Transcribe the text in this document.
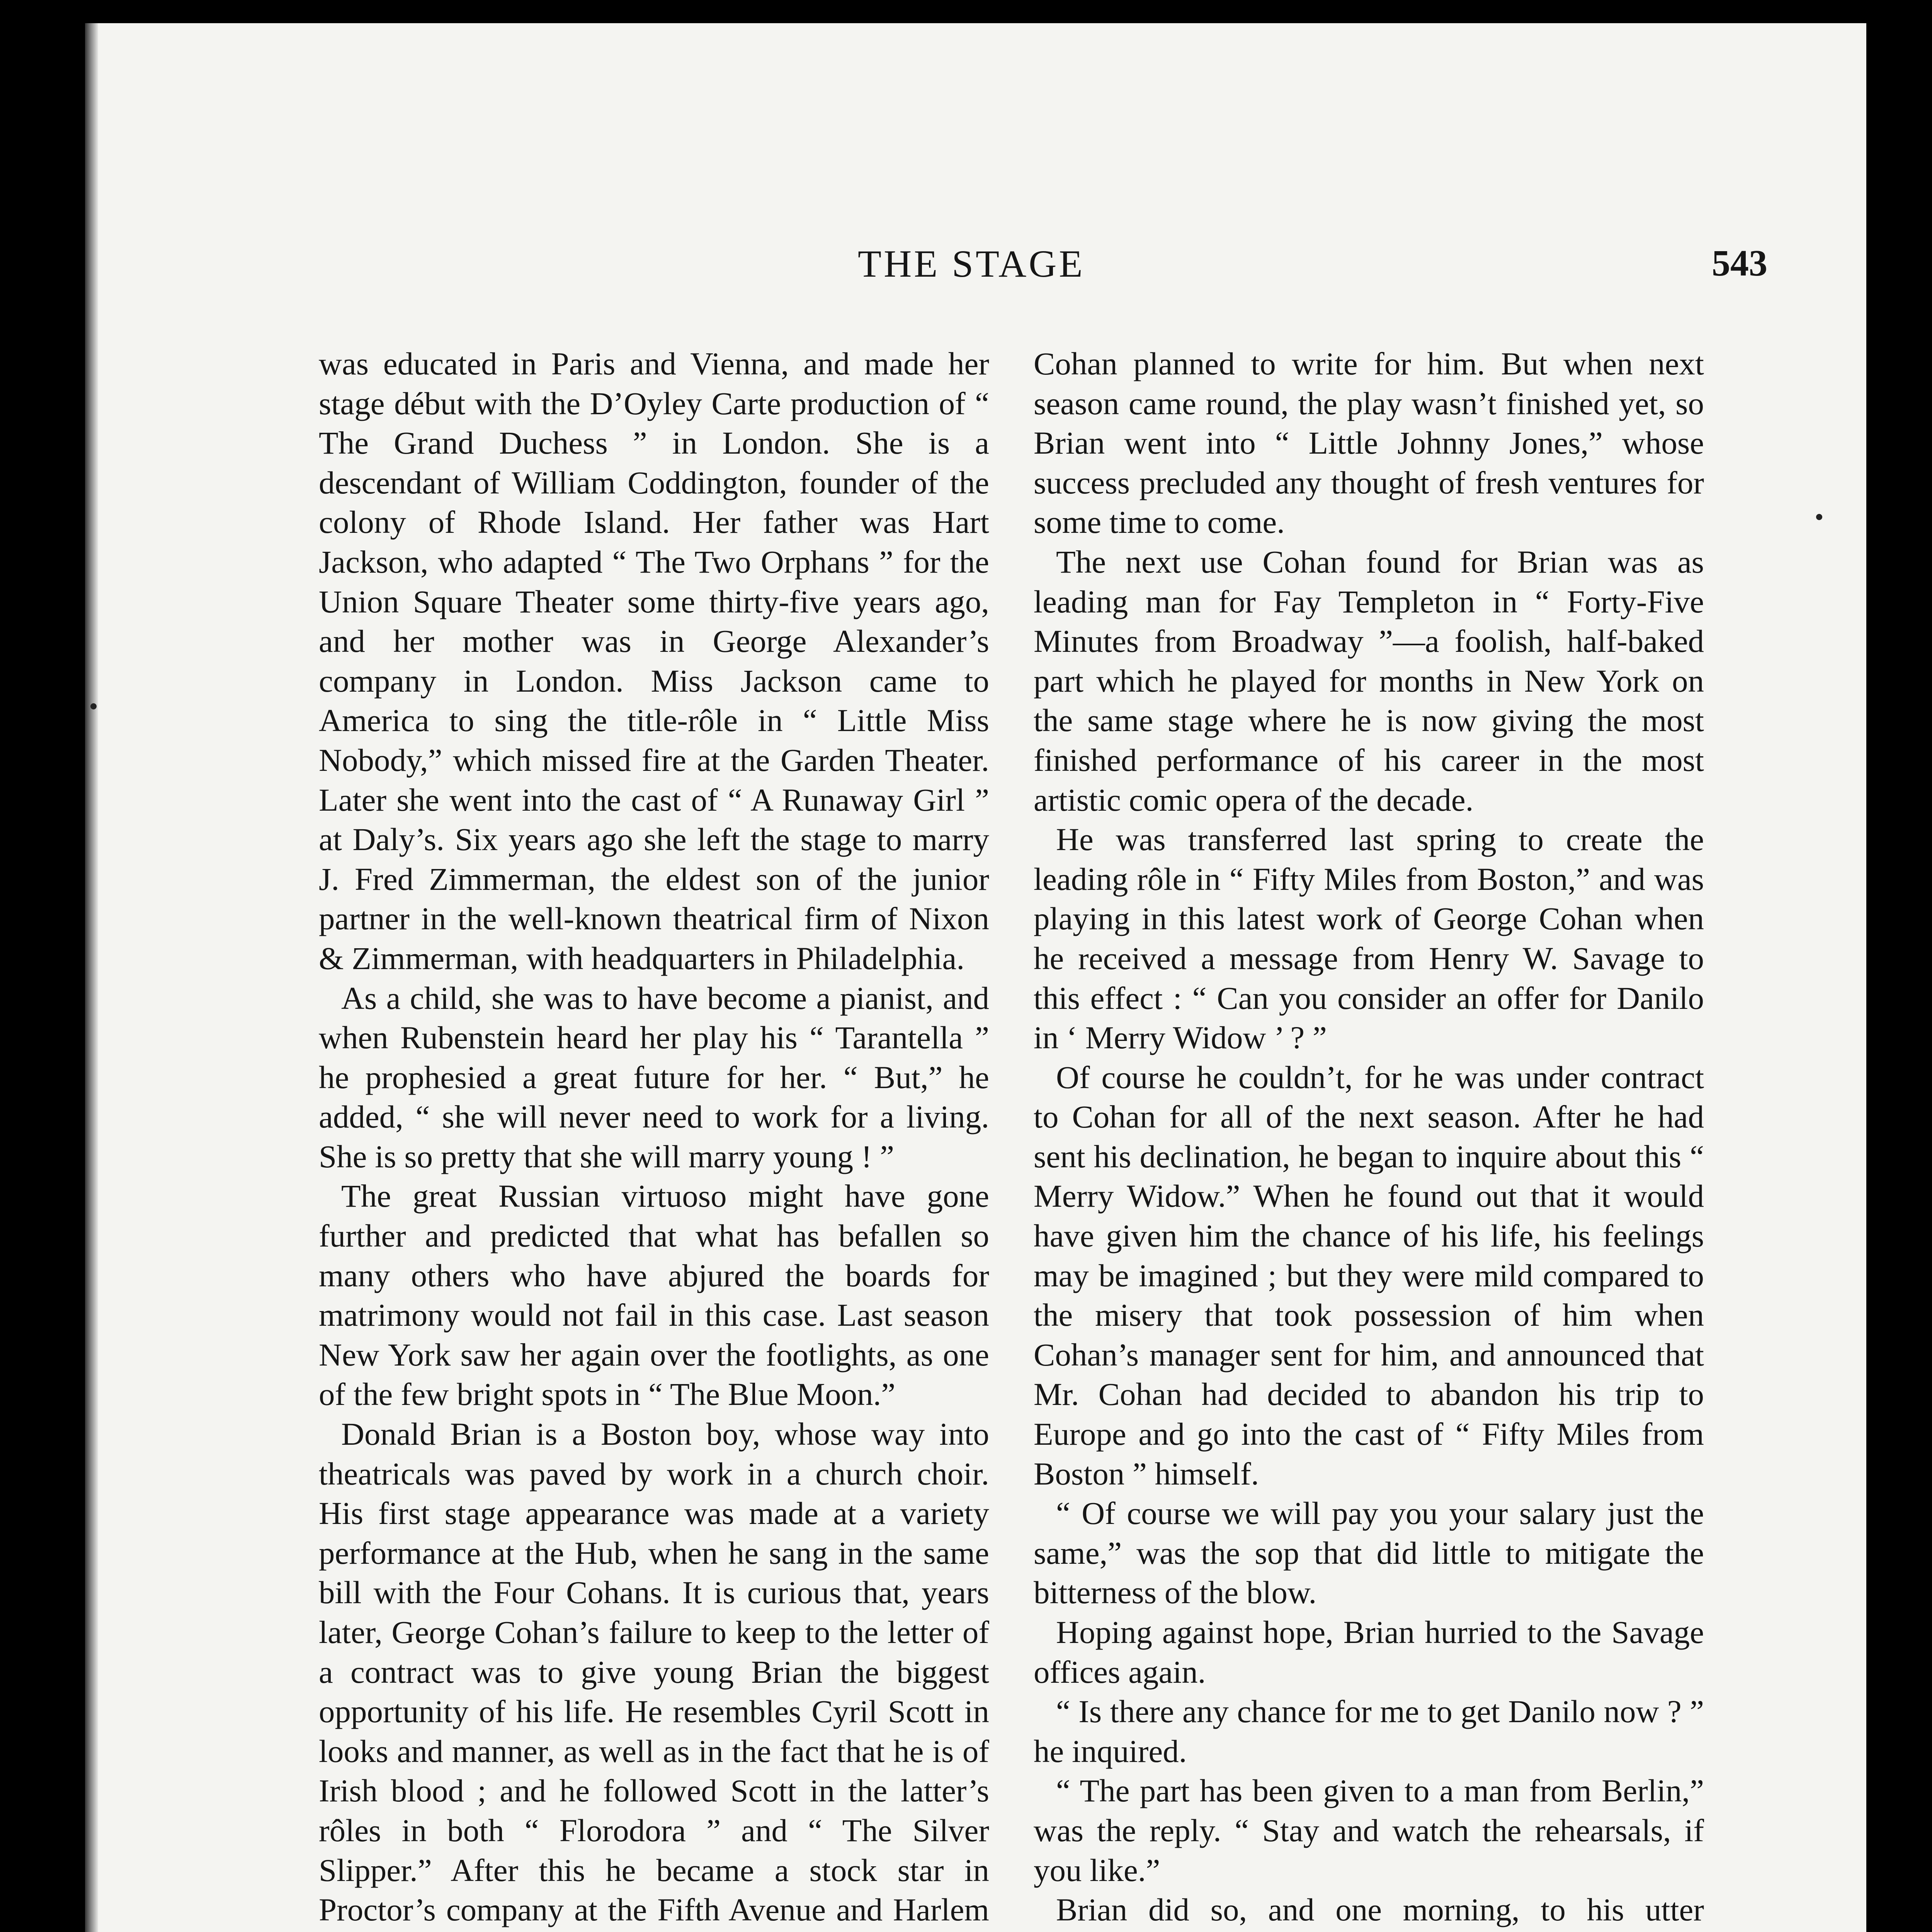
THE STAGE	543

was educated in Paris and Vienna, and made her stage début with the D’Oyley Carte production of “ The Grand Duchess ” in London. She is a descendant of William Coddington, founder of the colony of Rhode Island. Her father was Hart Jackson, who adapted “ The Two Orphans ” for the Union Square Theater some thirty-five years ago, and her mother was in George Alexander’s company in London. Miss Jackson came to America to sing the title-rôle in “ Little Miss Nobody,” which missed fire at the Garden Theater. Later she went into the cast of “ A Runaway Girl ” at Daly’s. Six years ago she left the stage to marry J. Fred Zimmerman, the eldest son of the junior partner in the well-known theatrical firm of Nixon & Zimmerman, with headquarters in Philadelphia.

As a child, she was to have become a pianist, and when Rubenstein heard her play his “ Tarantella ” he prophesied a great future for her. “ But,” he added, “ she will never need to work for a living. She is so pretty that she will marry young ! ”

The great Russian virtuoso might have gone further and predicted that what has befallen so many others who have abjured the boards for matrimony would not fail in this case. Last season New York saw her again over the footlights, as one of the few bright spots in “ The Blue Moon.”

Donald Brian is a Boston boy, whose way into theatricals was paved by work in a church choir. His first stage appearance was made at a variety performance at the Hub, when he sang in the same bill with the Four Cohans. It is curious that, years later, George Cohan’s failure to keep to the letter of a contract was to give young Brian the biggest opportunity of his life. He resembles Cyril Scott in looks and manner, as well as in the fact that he is of Irish blood ; and he followed Scott in the latter’s rôles in both “ Florodora ” and “ The Silver Slipper.” After this he became a stock star in Proctor’s company at the Fifth Avenue and Harlem

Cohan planned to write for him. But when next season came round, the play wasn’t finished yet, so Brian went into “ Little Johnny Jones,” whose success precluded any thought of fresh ventures for some time to come.

The next use Cohan found for Brian was as leading man for Fay Templeton in “ Forty-Five Minutes from Broadway ”—a foolish, half-baked part which he played for months in New York on the same stage where he is now giving the most finished performance of his career in the most artistic comic opera of the decade.

He was transferred last spring to create the leading rôle in “ Fifty Miles from Boston,” and was playing in this latest work of George Cohan when he received a message from Henry W. Savage to this effect : “ Can you consider an offer for Danilo in ‘ Merry Widow ’ ? ”

Of course he couldn’t, for he was under contract to Cohan for all of the next season. After he had sent his declination, he began to inquire about this “ Merry Widow.” When he found out that it would have given him the chance of his life, his feelings may be imagined ; but they were mild compared to the misery that took possession of him when Cohan’s manager sent for him, and announced that Mr. Cohan had decided to abandon his trip to Europe and go into the cast of “ Fifty Miles from Boston ” himself.

“ Of course we will pay you your salary just the same,” was the sop that did little to mitigate the bitterness of the blow.

Hoping against hope, Brian hurried to the Savage offices again.

“ Is there any chance for me to get Danilo now ? ” he inquired.

“ The part has been given to a man from Berlin,” was the reply. “ Stay and watch the rehearsals, if you like.”

Brian did so, and one morning, to his utter
